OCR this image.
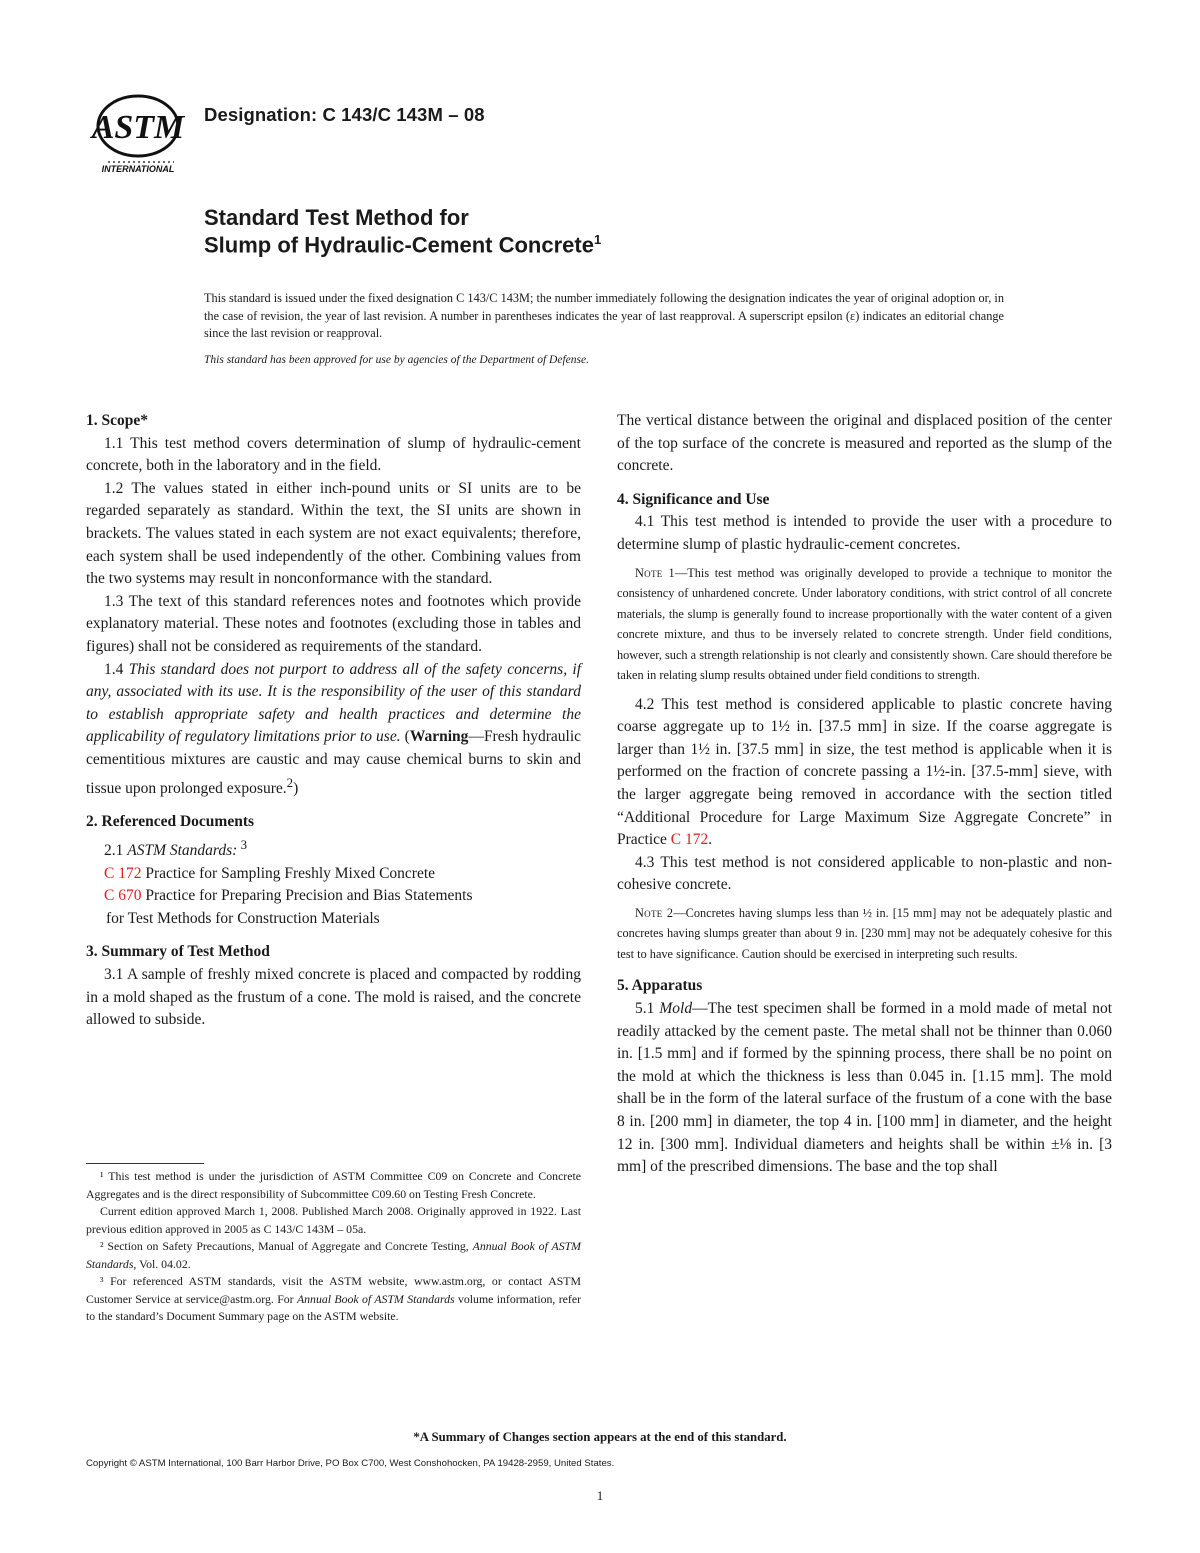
ASTM
INTERNATIONAL
Designation: C 143/C 143M – 08
Standard Test Method for
Slump of Hydraulic-Cement Concrete$^1$
This standard is issued under the fixed designation C 143/C 143M; the number immediately following the designation indicates the year of original adoption or, in the case of revision, the year of last revision. A number in parentheses indicates the year of last reapproval. A superscript epsilon (ε) indicates an editorial change since the last revision or reapproval.
This standard has been approved for use by agencies of the Department of Defense.

1. Scope*

1.1 This test method covers determination of slump of hydraulic-cement concrete, both in the laboratory and in the field.

1.2 The values stated in either inch-pound units or SI units are to be regarded separately as standard. Within the text, the SI units are shown in brackets. The values stated in each system are not exact equivalents; therefore, each system shall be used independently of the other. Combining values from the two systems may result in nonconformance with the standard.

1.3 The text of this standard references notes and footnotes which provide explanatory material. These notes and footnotes (excluding those in tables and figures) shall not be considered as requirements of the standard.

1.4 This standard does not purport to address all of the safety concerns, if any, associated with its use. It is the responsibility of the user of this standard to establish appropriate safety and health practices and determine the applicability of regulatory limitations prior to use. (Warning—Fresh hydraulic cementitious mixtures are caustic and may cause chemical burns to skin and tissue upon prolonged exposure.$^2$)

2. Referenced Documents

2.1 ASTM Standards: $^3$

C 172 Practice for Sampling Freshly Mixed Concrete

C 670 Practice for Preparing Precision and Bias Statements

for Test Methods for Construction Materials

3. Summary of Test Method

3.1 A sample of freshly mixed concrete is placed and compacted by rodding in a mold shaped as the frustum of a cone. The mold is raised, and the concrete allowed to subside.

The vertical distance between the original and displaced position of the center of the top surface of the concrete is measured and reported as the slump of the concrete.

4. Significance and Use

4.1 This test method is intended to provide the user with a procedure to determine slump of plastic hydraulic-cement concretes.

Note 1—This test method was originally developed to provide a technique to monitor the consistency of unhardened concrete. Under laboratory conditions, with strict control of all concrete materials, the slump is generally found to increase proportionally with the water content of a given concrete mixture, and thus to be inversely related to concrete strength. Under field conditions, however, such a strength relationship is not clearly and consistently shown. Care should therefore be taken in relating slump results obtained under field conditions to strength.

4.2 This test method is considered applicable to plastic concrete having coarse aggregate up to 1½ in. [37.5 mm] in size. If the coarse aggregate is larger than 1½ in. [37.5 mm] in size, the test method is applicable when it is performed on the fraction of concrete passing a 1½-in. [37.5-mm] sieve, with the larger aggregate being removed in accordance with the section titled “Additional Procedure for Large Maximum Size Aggregate Concrete” in Practice C 172.

4.3 This test method is not considered applicable to non-plastic and non-cohesive concrete.

Note 2—Concretes having slumps less than ½ in. [15 mm] may not be adequately plastic and concretes having slumps greater than about 9 in. [230 mm] may not be adequately cohesive for this test to have significance. Caution should be exercised in interpreting such results.

5. Apparatus

5.1 Mold—The test specimen shall be formed in a mold made of metal not readily attacked by the cement paste. The metal shall not be thinner than 0.060 in. [1.5 mm] and if formed by the spinning process, there shall be no point on the mold at which the thickness is less than 0.045 in. [1.15 mm]. The mold shall be in the form of the lateral surface of the frustum of a cone with the base 8 in. [200 mm] in diameter, the top 4 in. [100 mm] in diameter, and the height 12 in. [300 mm]. Individual diameters and heights shall be within ±⅛ in. [3 mm] of the prescribed dimensions. The base and the top shall

¹ This test method is under the jurisdiction of ASTM Committee C09 on Concrete and Concrete Aggregates and is the direct responsibility of Subcommittee C09.60 on Testing Fresh Concrete.

Current edition approved March 1, 2008. Published March 2008. Originally approved in 1922. Last previous edition approved in 2005 as C 143/C 143M – 05a.

² Section on Safety Precautions, Manual of Aggregate and Concrete Testing, Annual Book of ASTM Standards, Vol. 04.02.

³ For referenced ASTM standards, visit the ASTM website, www.astm.org, or contact ASTM Customer Service at service@astm.org. For Annual Book of ASTM Standards volume information, refer to the standard’s Document Summary page on the ASTM website.

*A Summary of Changes section appears at the end of this standard.
Copyright © ASTM International, 100 Barr Harbor Drive, PO Box C700, West Conshohocken, PA 19428-2959, United States.
1
